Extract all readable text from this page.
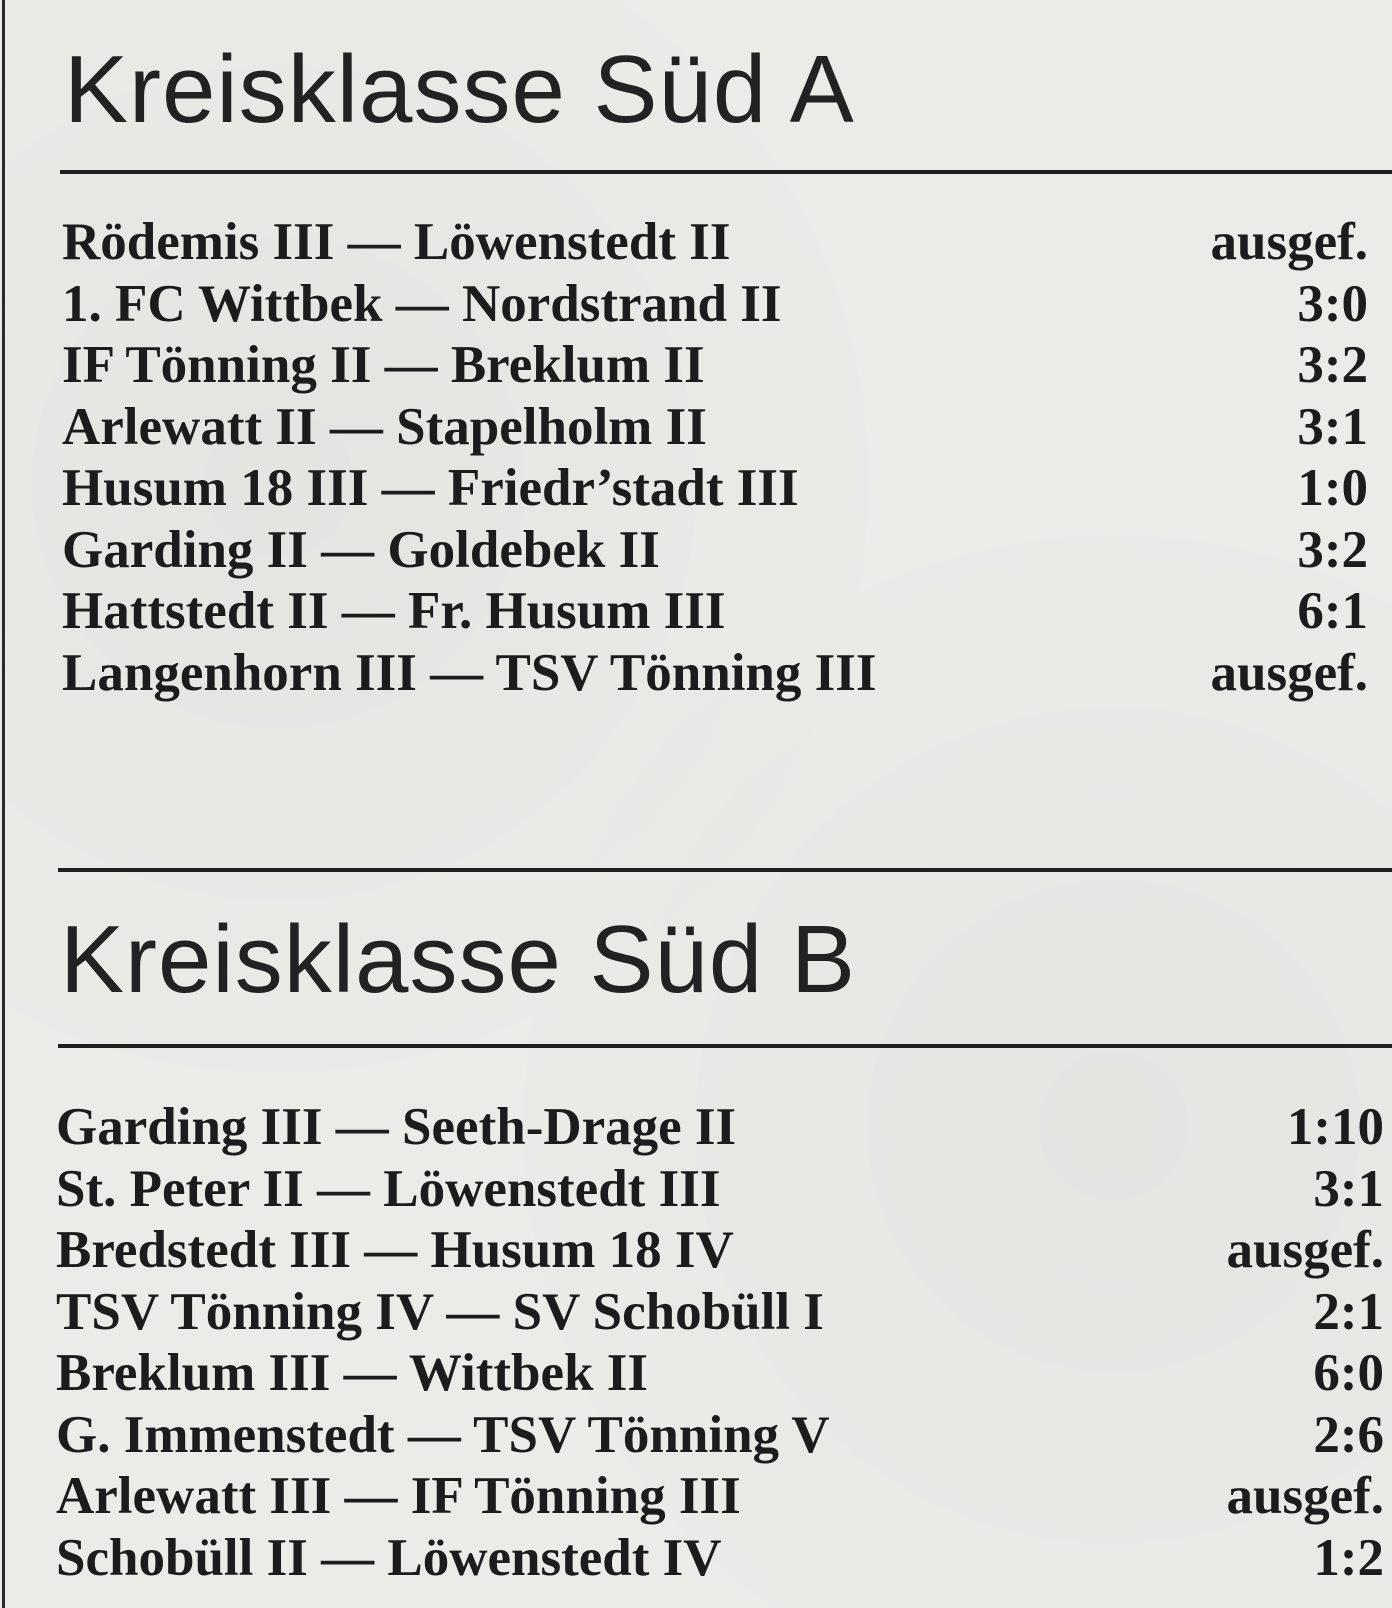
Kreisklasse Süd A
Rödemis III — Löwenstedt II	ausgef.
1. FC Wittbek — Nordstrand II	3:0
IF Tönning II — Breklum II	3:2
Arlewatt II — Stapelholm II	3:1
Husum 18 III — Friedr’stadt III	1:0
Garding II — Goldebek II	3:2
Hattstedt II — Fr. Husum III	6:1
Langenhorn III — TSV Tönning III	ausgef.
Kreisklasse Süd B
Garding III — Seeth-Drage II	1:10
St. Peter II — Löwenstedt III	3:1
Bredstedt III — Husum 18 IV	ausgef.
TSV Tönning IV — SV Schobüll I	2:1
Breklum III — Wittbek II	6:0
G. Immenstedt — TSV Tönning V	2:6
Arlewatt III — IF Tönning III	ausgef.
Schobüll II — Löwenstedt IV	1:2
